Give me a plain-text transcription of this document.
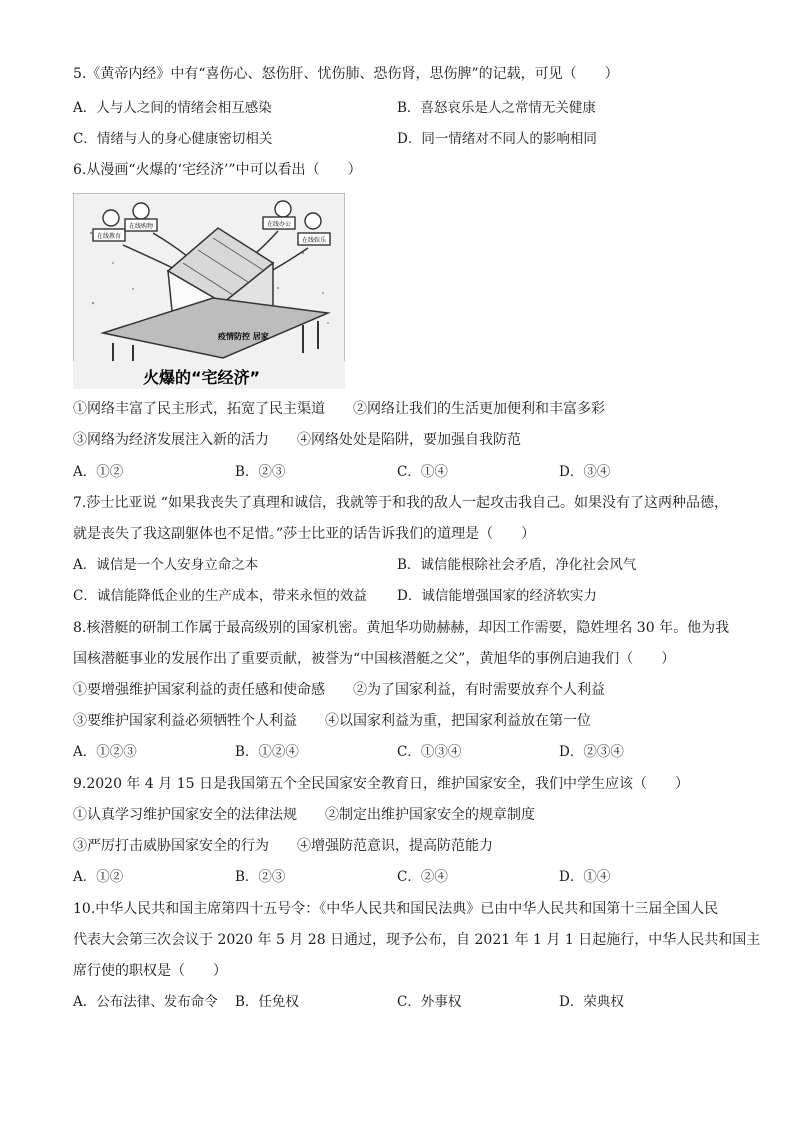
5.《黄帝内经》中有“喜伤心、怒伤肝、忧伤肺、恐伤肾，思伤脾”的记载，可见（　　）
A．人与人之间的情绪会相互感染	B．喜怒哀乐是人之常情无关健康
C．情绪与人的身心健康密切相关	D．同一情绪对不同人的影响相同
6.从漫画“火爆的‘宅经济’”中可以看出（　　）
在线教育
在线购物	在线办公
在线娱乐
疫情防控 居家
火爆的“宅经济”
①网络丰富了民主形式，拓宽了民主渠道　　②网络让我们的生活更加便利和丰富多彩
③网络为经济发展注入新的活力　　④网络处处是陷阱，要加强自我防范
A．①②	B．②③	C．①④	D．③④
7.莎士比亚说 “如果我丧失了真理和诚信，我就等于和我的敌人一起攻击我自己。如果没有了这两种品德，
就是丧失了我这副躯体也不足惜。”莎士比亚的话告诉我们的道理是（　　）
A．诚信是一个人安身立命之本	B．诚信能根除社会矛盾，净化社会风气
C．诚信能降低企业的生产成本，带来永恒的效益 D．诚信能增强国家的经济软实力
8.核潜艇的研制工作属于最高级别的国家机密。黄旭华功勋赫赫，却因工作需要，隐姓埋名 30 年。他为我
国核潜艇事业的发展作出了重要贡献，被誉为“中国核潜艇之父”，黄旭华的事例启迪我们（　　）
①要增强维护国家利益的责任感和使命感　　②为了国家利益，有时需要放弃个人利益
③要维护国家利益必须牺牲个人利益　　④以国家利益为重，把国家利益放在第一位
A．①②③	B．①②④	C．①③④	D．②③④
9.2020 年 4 月 15 日是我国第五个全民国家安全教育日，维护国家安全，我们中学生应该（　　）
①认真学习维护国家安全的法律法规　　②制定出维护国家安全的规章制度
③严厉打击威胁国家安全的行为　　④增强防范意识，提高防范能力
A．①②	B．②③	C．②④	D．①④
10.中华人民共和国主席第四十五号令：《中华人民共和国民法典》已由中华人民共和国第十三届全国人民
代表大会第三次会议于 2020 年 5 月 28 日通过，现予公布，自 2021 年 1 月 1 日起施行，中华人民共和国主
席行使的职权是（　　）
A．公布法律、发布命令 B．任免权	C．外事权	D．荣典权
